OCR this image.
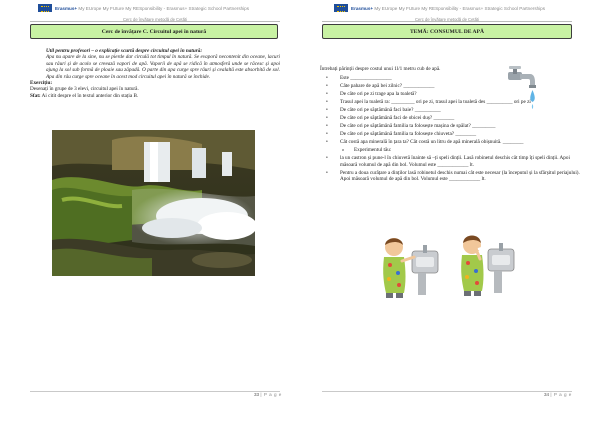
Erasmus+ My EUrope My FUture My RESponsibility - Erasmus+ Strategic School Partnerships
Cerc de învățare metodă de Cetăți
Cerc de învățare C. Circuitul apei în natură

Util pentru profesori – o explicație scurtă despre circuitul apei în natură:

Apa nu apare de la sine, nu se pierde dar circulă tot timpul în natură. Se evaporă necontenit din oceane, lacuri sau râuri și de acolo se creează vapori de apă. Vaporii de apă se ridică în atmosferă unde se răcesc și apoi ajung la sol sub formă de ploaie sau zăpadă. O parte din apa curge spre râuri și cealaltă este absorbită de sol. Apa din râu curge spre oceane în acest mod circuitul apei în natură se închide.

Exercițiu:

Desenați în grupe de 3 elevi, circuitul apei în natură.

Sfat: Ai citit despre el în textul anterior din stația B.

33 | P a g e
Erasmus+ My EUrope My FUture My RESponsibility - Erasmus+ Strategic School Partnerships
Cerc de învățare metodă de Cetăți
TEMĂ: CONSUMUL DE APĂ
34 | P a g e

Întrebați părinții despre costul unui 1l/1 metru cub de apă.

• Este ________________
• Câte pahare de apă bei zilnic? ____________
• De câte ori pe zi trage apa la toaletă?
• Trasul apei la toaletă ra: _________ ori pe zi, trasul apei la toaletă des __________ ori pe zi
• De câte ori pe săptămână faci baie? __________
• De câte ori pe săptămână faci de obicei duș? ________
• De câte ori pe săptămână familia ta folosește mașina de spălat? _________
• De câte ori pe săptămână familia ta folosește chiuveta? ________
• Cât costă apa minerală în țara ta? Cât costă un litru de apă minerală obișnuită. ________
o Experimentul tău:
• la un castron și pune-l în chiuvetă înainte să –ți speli dinții. Lasă robinetul deschis cât timp îți speli dinții. Apoi măsoară volumul de apă din bol. Volumul este ____________ lt.
• Pentru a doua curățare a dinților lasă robinetul deschis numai cât este necesar (la începutul și la sfârșitul periajului). Apoi măsoară volumul de apă din bol. Volumul este ____________ lt.
